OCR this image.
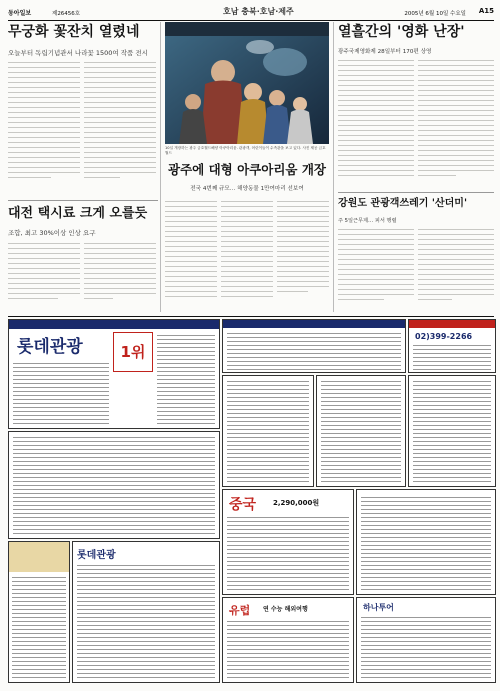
동아일보	제26456호	호남 충북·호남·제주	2005년 6월 10일 수요일 A15
무궁화 꽃잔치 열렸네
오늘부터 독립기념관서 나라꽃 1500여 작품 전시
대전 택시료 크게 오를듯
조합, 최고 30%이상 인상 요구
10일 개장하는 광주 금호월드해양 아쿠아리움. 관광객, 어린이들이 수족관을 보고 있다. 사진 제공 금호월드
광주에 대형 아쿠아리움 개장
전국 4번째 규모… 해양동물 1만여마리 선보여
열흘간의 '영화 난장'
광주국제영화제 28일부터 170편 상영
강원도 관광객쓰레기 '산더미'
주 5일근무제… 피서 행렬
롯데관광	1위
02)399-2266
중국 2,290,000원
롯데관광
유럽 연 수능 해외여행	하나투어
